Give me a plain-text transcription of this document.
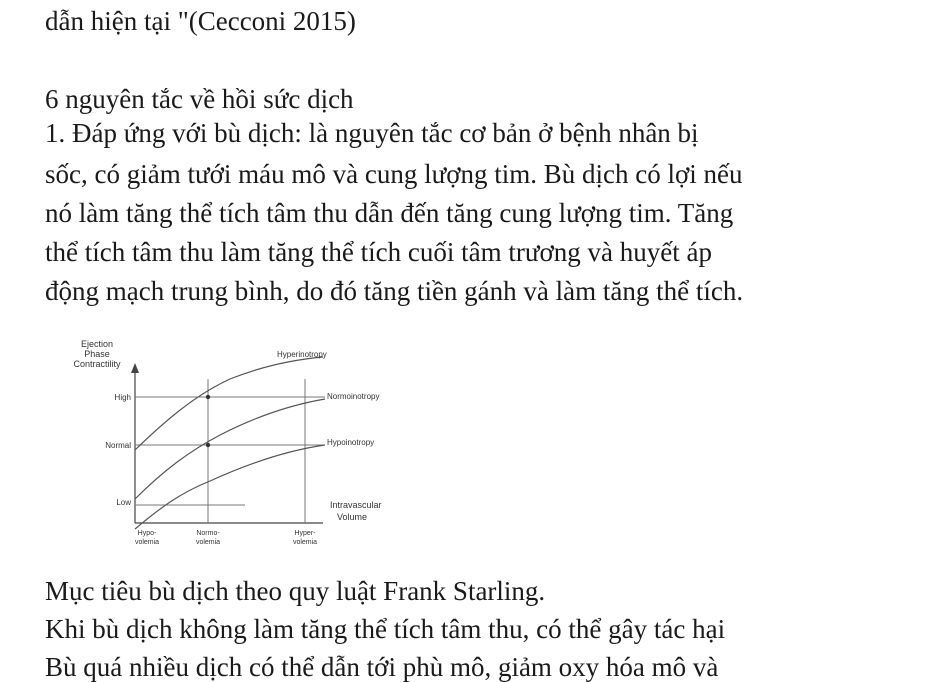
dẫn hiện tại "(Cecconi 2015)
6 nguyên tắc về hồi sức dịch
1. Đáp ứng với bù dịch: là nguyên tắc cơ bản ở bệnh nhân bị
sốc, có giảm tưới máu mô và cung lượng tim. Bù dịch có lợi nếu
nó làm tăng thể tích tâm thu dẫn đến tăng cung lượng tim. Tăng
thể tích tâm thu làm tăng thể tích cuối tâm trương và huyết áp
động mạch trung bình, do đó tăng tiền gánh và làm tăng thể tích.
Ejection
Phase
Contractility
High
Normal
Low
Hyperinotropy
Normoinotropy
Hypoinotropy
Intravascular
Volume
Hypo-
volemia
Normo-
volemia
Hyper-
volemia
Mục tiêu bù dịch theo quy luật Frank Starling.
Khi bù dịch không làm tăng thể tích tâm thu, có thể gây tác hại
Bù quá nhiều dịch có thể dẫn tới phù mô, giảm oxy hóa mô và
